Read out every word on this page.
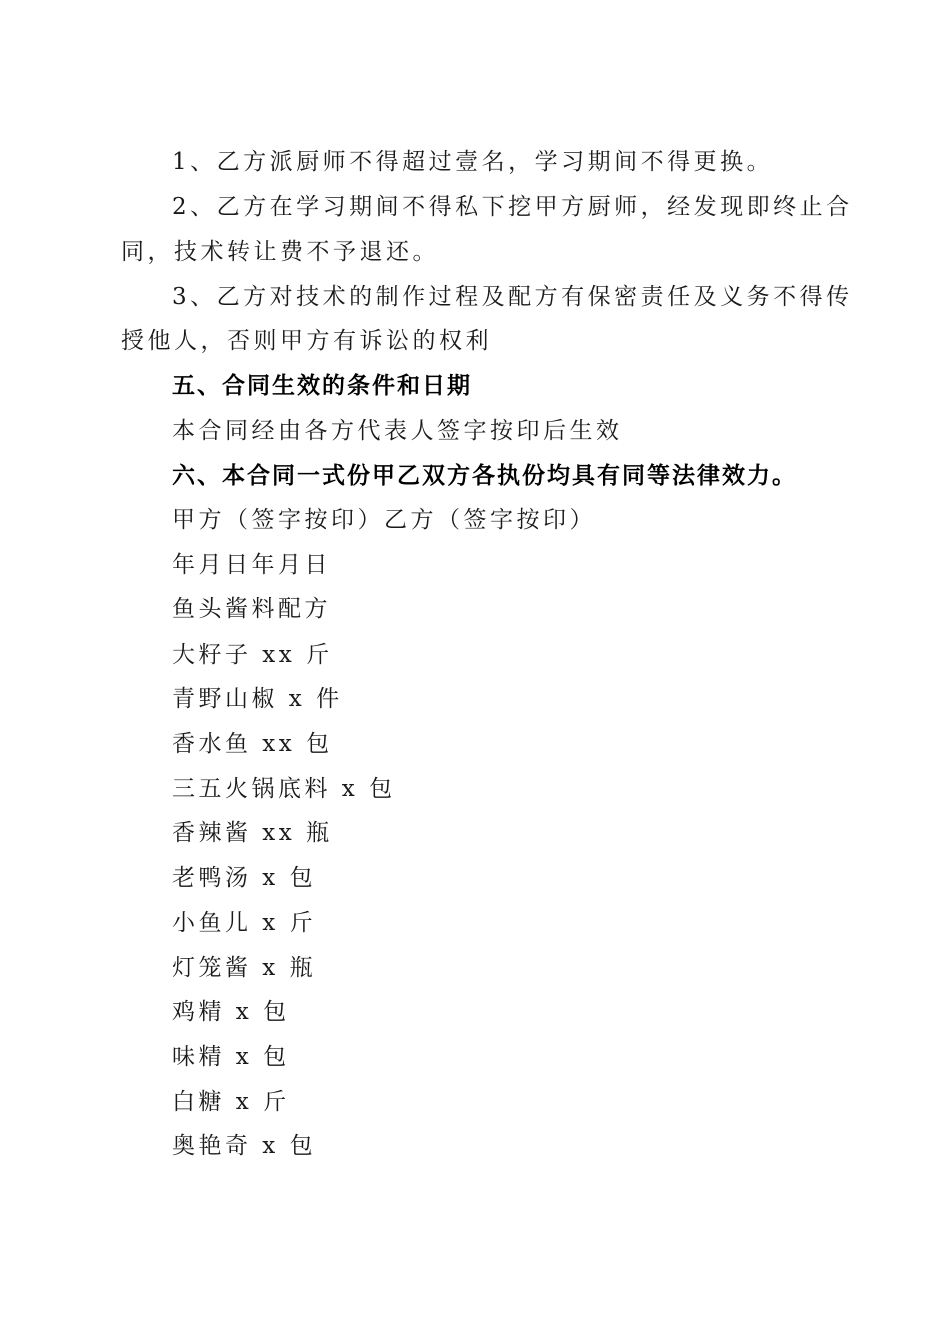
1、乙方派厨师不得超过壹名，学习期间不得更换。
2、乙方在学习期间不得私下挖甲方厨师，经发现即终止合
同，技术转让费不予退还。
3、乙方对技术的制作过程及配方有保密责任及义务不得传
授他人，否则甲方有诉讼的权利
五、合同生效的条件和日期
本合同经由各方代表人签字按印后生效
六、本合同一式份甲乙双方各执份均具有同等法律效力。
甲方（签字按印）乙方（签字按印）
年月日年月日
鱼头酱料配方
大籽子 xx 斤
青野山椒 x 件
香水鱼 xx 包
三五火锅底料 x 包
香辣酱 xx 瓶
老鸭汤 x 包
小鱼儿 x 斤
灯笼酱 x 瓶
鸡精 x 包
味精 x 包
白糖 x 斤
奥艳奇 x 包
